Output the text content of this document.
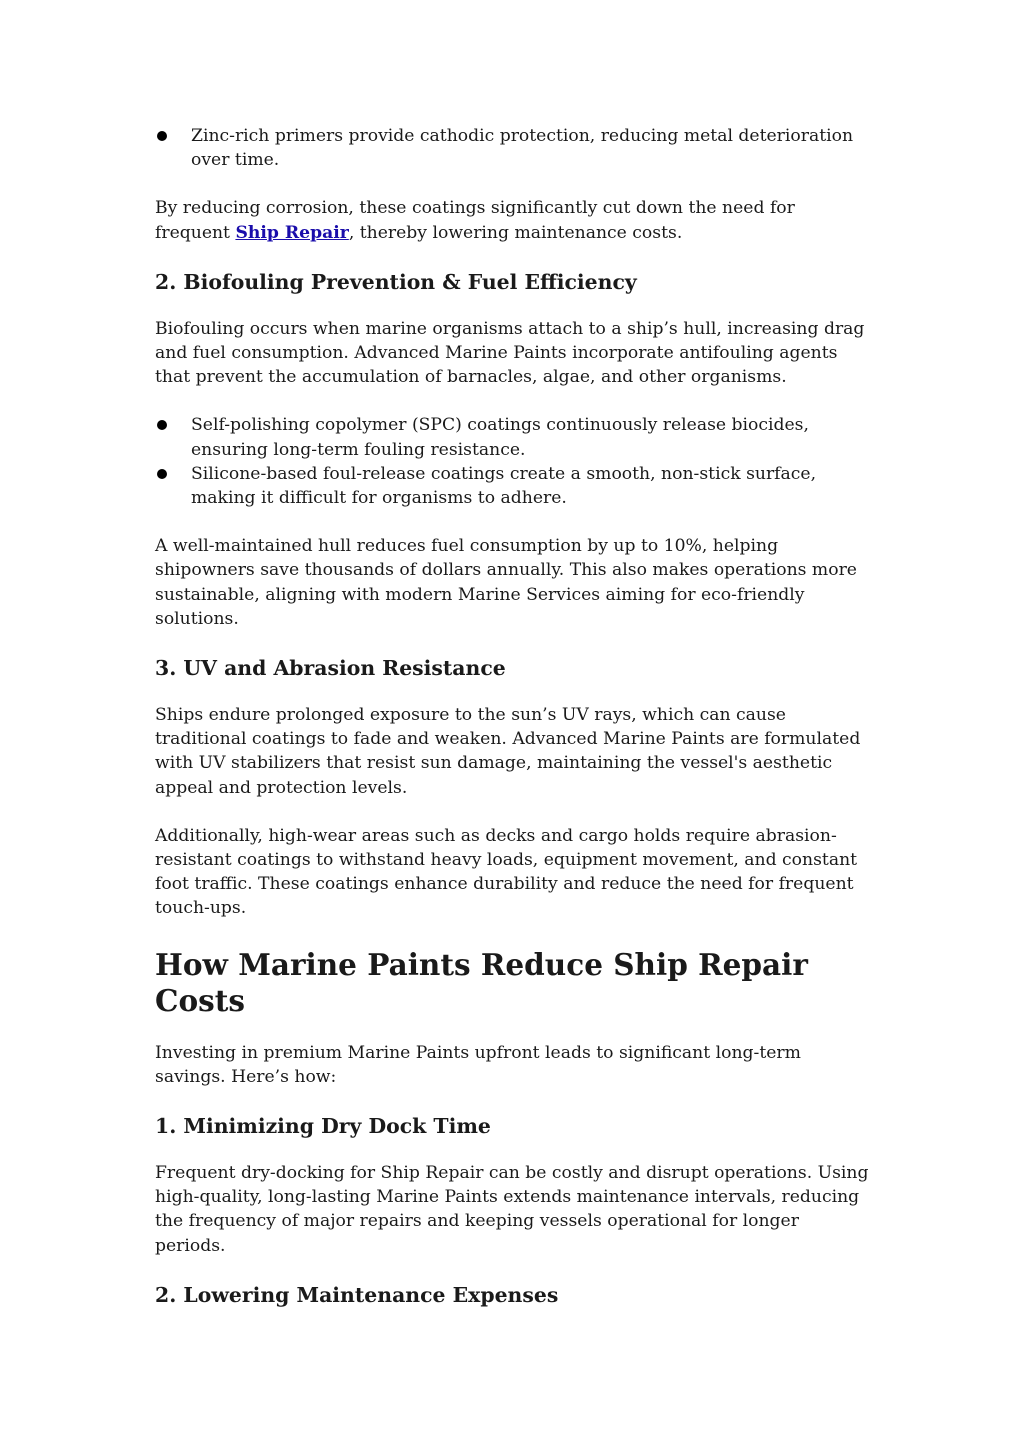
Zinc-rich primers provide cathodic protection, reducing metal deterioration over time.

By reducing corrosion, these coatings significantly cut down the need for frequent Ship Repair, thereby lowering maintenance costs.

2. Biofouling Prevention & Fuel Efficiency

Biofouling occurs when marine organisms attach to a ship’s hull, increasing drag and fuel consumption. Advanced Marine Paints incorporate antifouling agents that prevent the accumulation of barnacles, algae, and other organisms.

Self-polishing copolymer (SPC) coatings continuously release biocides, ensuring long-term fouling resistance.
Silicone-based foul-release coatings create a smooth, non-stick surface, making it difficult for organisms to adhere.

A well-maintained hull reduces fuel consumption by up to 10%, helping shipowners save thousands of dollars annually. This also makes operations more sustainable, aligning with modern Marine Services aiming for eco-friendly solutions.

3. UV and Abrasion Resistance

Ships endure prolonged exposure to the sun’s UV rays, which can cause traditional coatings to fade and weaken. Advanced Marine Paints are formulated with UV stabilizers that resist sun damage, maintaining the vessel's aesthetic appeal and protection levels.

Additionally, high-wear areas such as decks and cargo holds require abrasion-resistant coatings to withstand heavy loads, equipment movement, and constant foot traffic. These coatings enhance durability and reduce the need for frequent touch-ups.

How Marine Paints Reduce Ship Repair Costs

Investing in premium Marine Paints upfront leads to significant long-term savings. Here’s how:

1. Minimizing Dry Dock Time

Frequent dry-docking for Ship Repair can be costly and disrupt operations. Using high-quality, long-lasting Marine Paints extends maintenance intervals, reducing the frequency of major repairs and keeping vessels operational for longer periods.

2. Lowering Maintenance Expenses
